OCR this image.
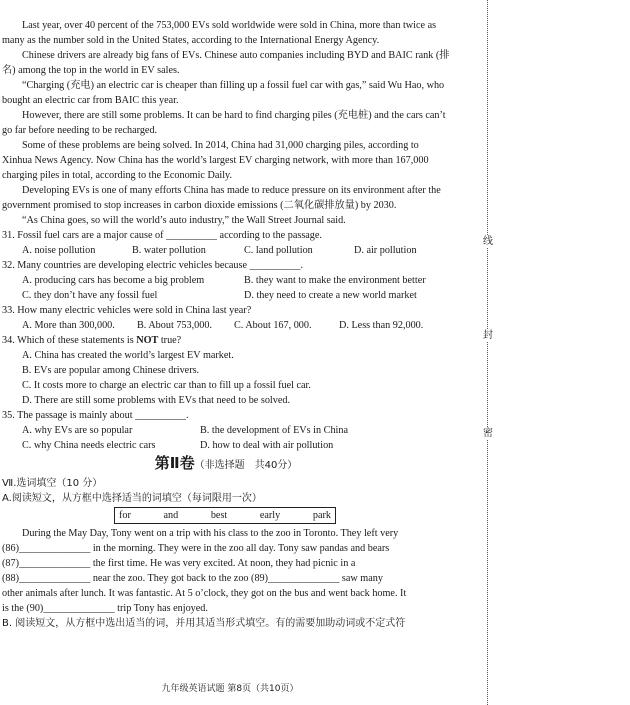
Last year, over 40 percent of the 753,000 EVs sold worldwide were sold in China, more than twice as many as the number sold in the United States, according to the International Energy Agency.

Chinese drivers are already big fans of EVs. Chinese auto companies including BYD and BAIC rank (排名) among the top in the world in EV sales.

“Charging (充电) an electric car is cheaper than filling up a fossil fuel car with gas,” said Wu Hao, who bought an electric car from BAIC this year.

However, there are still some problems. It can be hard to find charging piles (充电桩) and the cars can’t go far before needing to be recharged.

Some of these problems are being solved. In 2014, China had 31,000 charging piles, according to Xinhua News Agency. Now China has the world’s largest EV charging network, with more than 167,000 charging piles in total, according to the Economic Daily.

Developing EVs is one of many efforts China has made to reduce pressure on its environment after the government promised to stop increases in carbon dioxide emissions (二氧化碳排放量) by 2030.

“As China goes, so will the world’s auto industry,” the Wall Street Journal said.

31. Fossil fuel cars are a major cause of __________ according to the passage.

A. noise pollution	B. water pollution	C. land pollution	D. air pollution

32. Many countries are developing electric vehicles because __________.

A. producing cars has become a big problem	B. they want to make the environment better
C. they don’t have any fossil fuel	D. they need to create a new world market

33. How many electric vehicles were sold in China last year?

A. More than 300,000.	B. About 753,000.	C. About 167, 000.	D. Less than 92,000.

34. Which of these statements is NOT true?

A. China has created the world’s largest EV market.

B. EVs are popular among Chinese drivers.

C. It costs more to charge an electric car than to fill up a fossil fuel car.

D. There are still some problems with EVs that need to be solved.

35. The passage is mainly about __________.

A. why EVs are so popular	B. the development of EVs in China
C. why China needs electric cars	D. how to deal with air pollution
第Ⅱ卷（非选择题　共40分）

Ⅶ.选词填空（10 分）

A.阅读短文，从方框中选择适当的词填空（每词限用一次）

for	and	best	early	park

During the May Day, Tony went on a trip with his class to the zoo in Toronto. They left very

(86)______________ in the morning. They were in the zoo all day. Tony saw pandas and bears

(87)______________ the first time. He was very excited. At noon, they had picnic in a

(88)______________ near the zoo. They got back to the zoo (89)______________ saw many

other animals after lunch. It was fantastic. At 5 o’clock, they got on the bus and went back home. It

is the (90)______________ trip Tony has enjoyed.

B. 阅读短文，从方框中选出适当的词，并用其适当形式填空。有的需要加助动词或不定式符

九年级英语试题 第8页（共10页）
线
封
密
